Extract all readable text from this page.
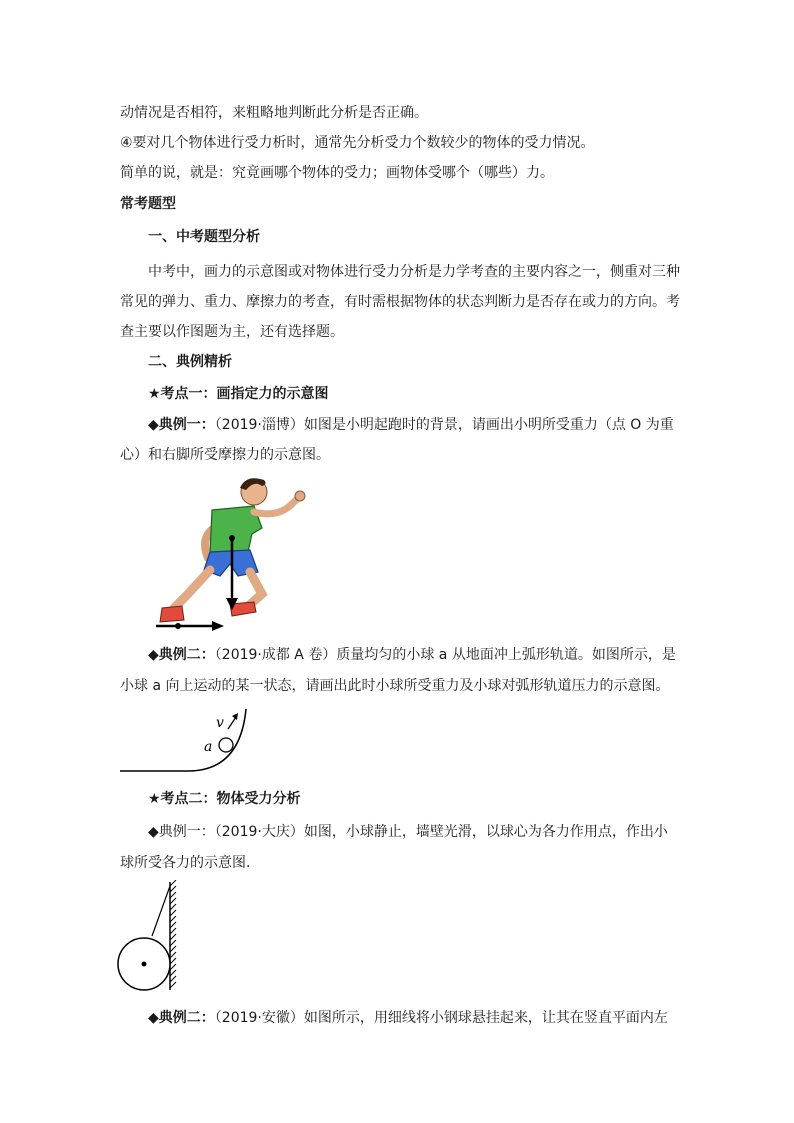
动情况是否相符，来粗略地判断此分析是否正确。
④要对几个物体进行受力析时，通常先分析受力个数较少的物体的受力情况。
简单的说，就是：究竟画哪个物体的受力；画物体受哪个（哪些）力。
常考题型
一、中考题型分析
中考中，画力的示意图或对物体进行受力分析是力学考查的主要内容之一，侧重对三种
常见的弹力、重力、摩擦力的考查，有时需根据物体的状态判断力是否存在或力的方向。考
查主要以作图题为主，还有选择题。
二、典例精析
★考点一：画指定力的示意图
◆典例一：（2019·淄博）如图是小明起跑时的背景，请画出小明所受重力（点 O 为重
心）和右脚所受摩擦力的示意图。
◆典例二：（2019·成都 A 卷）质量均匀的小球 a 从地面冲上弧形轨道。如图所示，是
小球 a 向上运动的某一状态，请画出此时小球所受重力及小球对弧形轨道压力的示意图。
v
a
★考点二：物体受力分析
◆典例一：（2019·大庆）如图，小球静止，墙壁光滑，以球心为各力作用点，作出小
球所受各力的示意图.
◆典例二：（2019·安徽）如图所示，用细线将小钢球悬挂起来，让其在竖直平面内左
